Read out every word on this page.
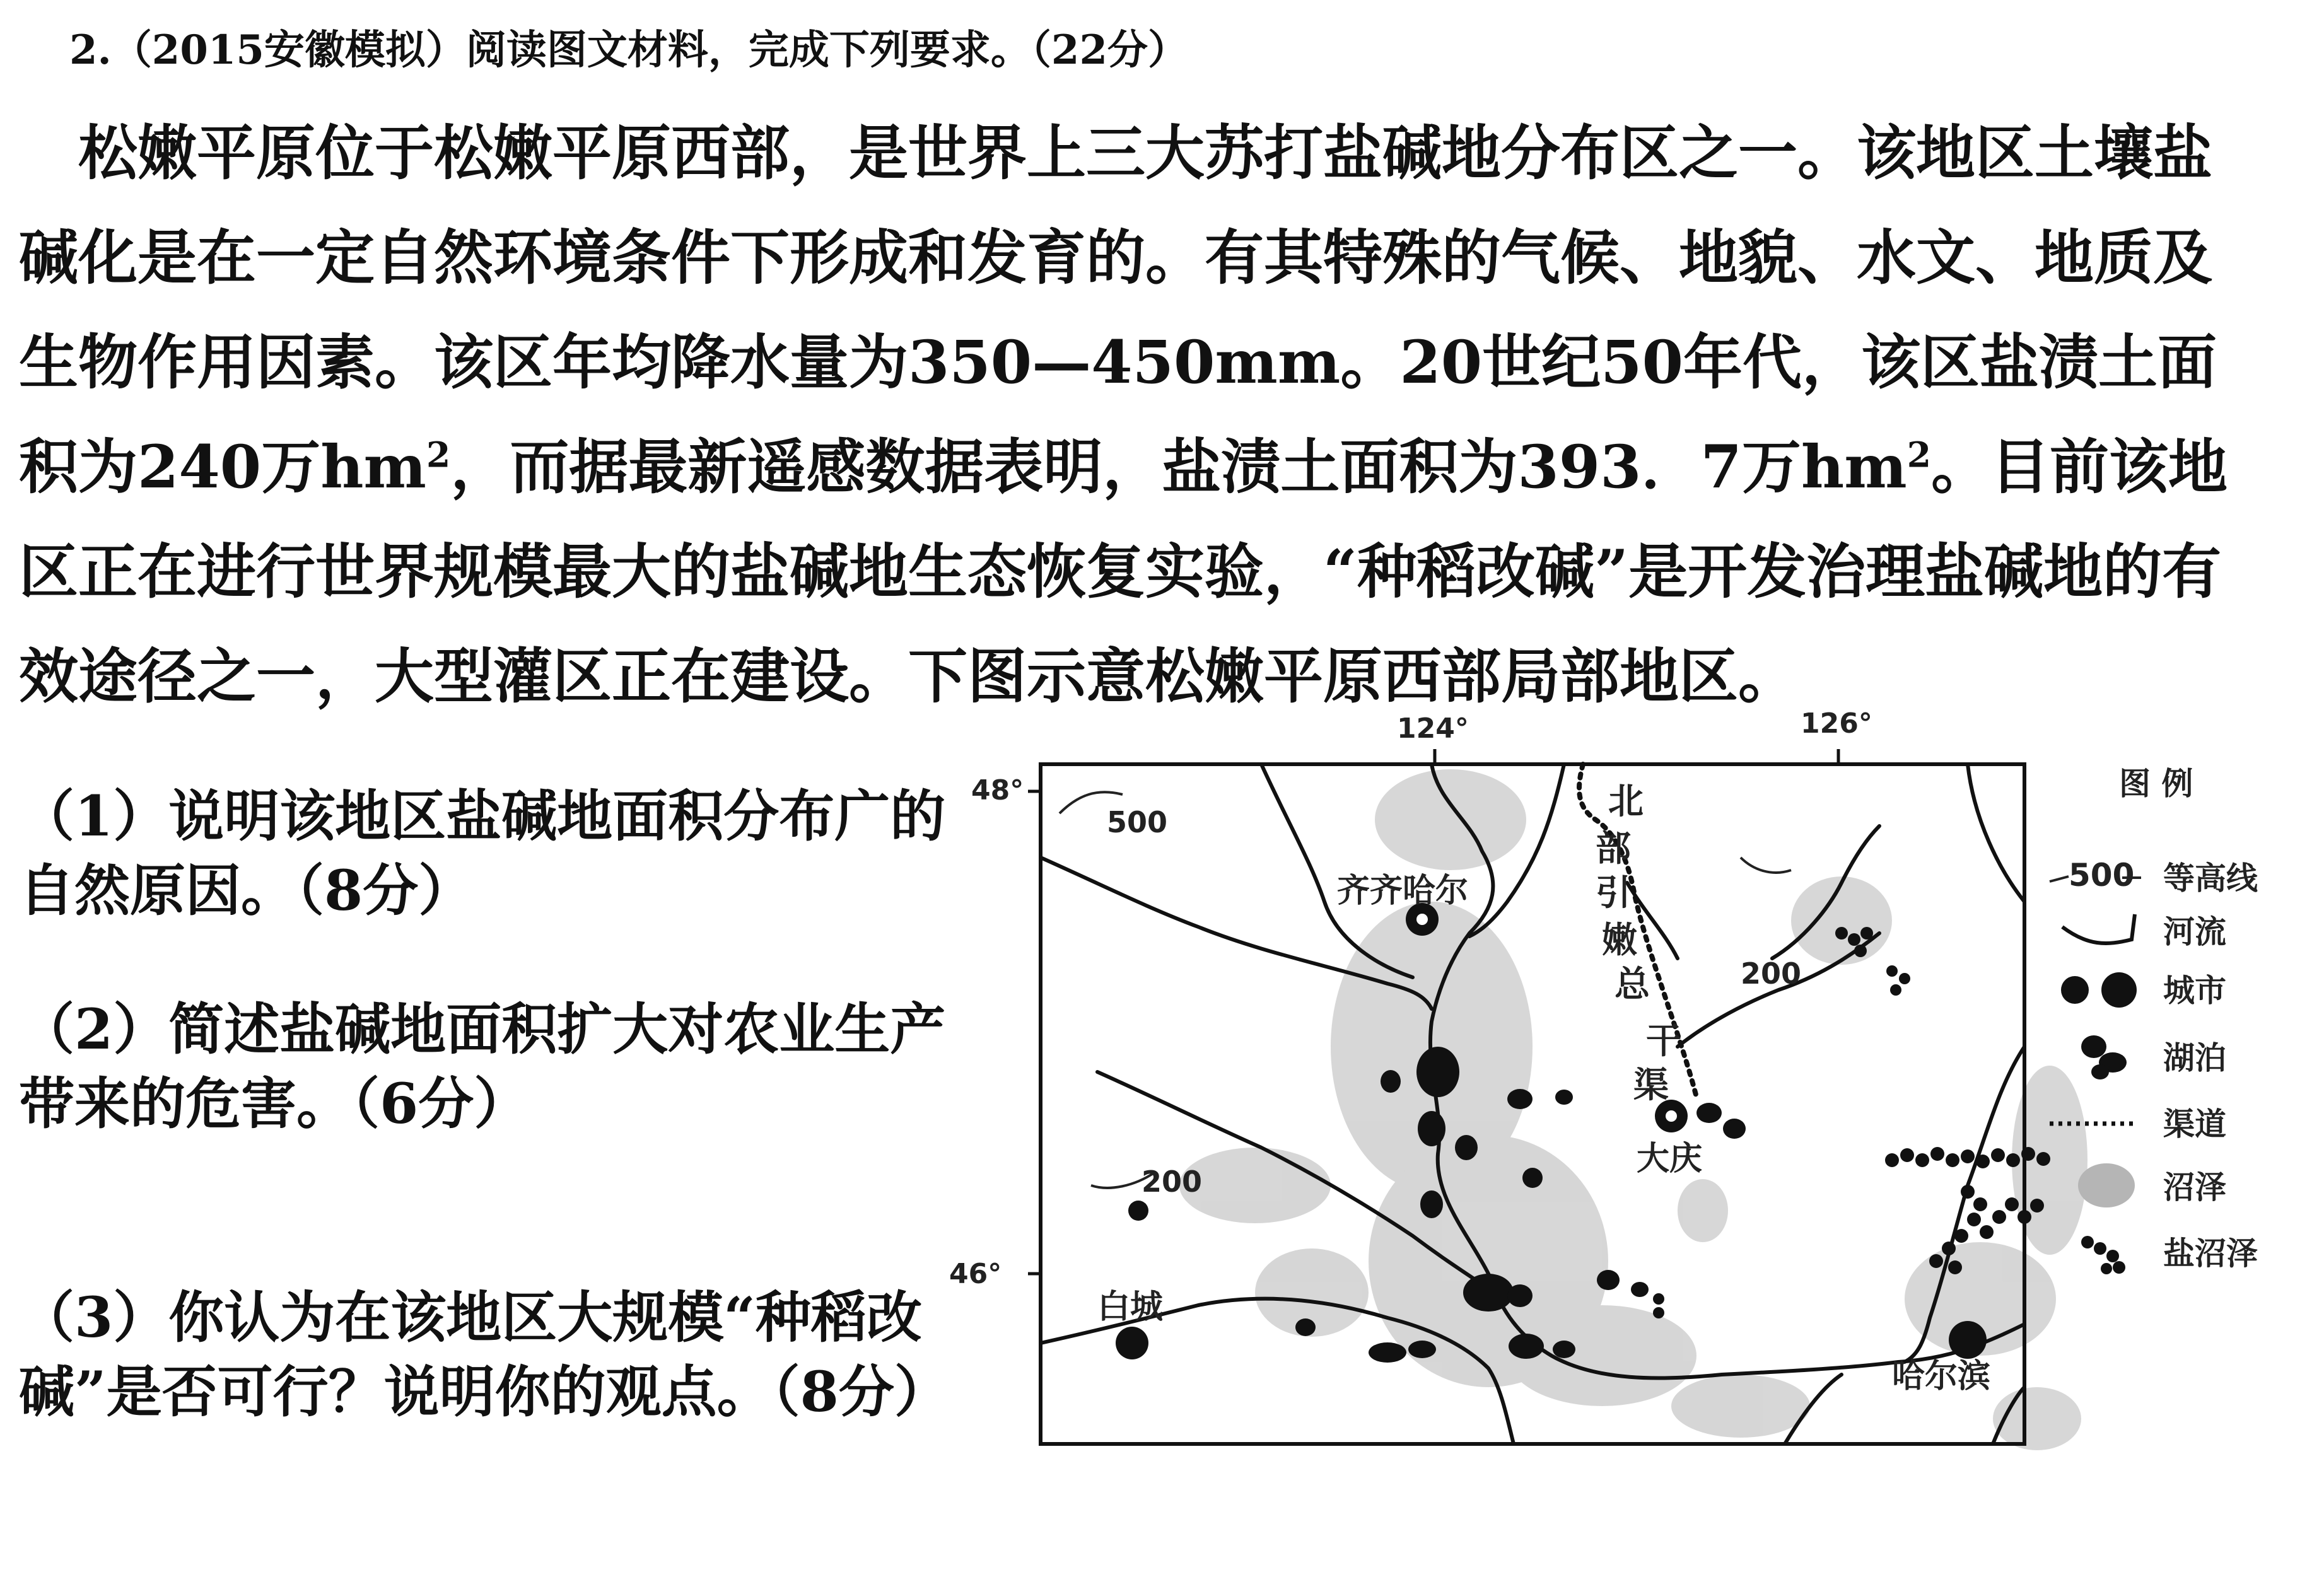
2.（2015安徽模拟）阅读图文材料，完成下列要求。（22分）
松嫩平原位于松嫩平原西部，是世界上三大苏打盐碱地分布区之一。该地区土壤盐碱化是在一定自然环境条件下形成和发育的。有其特殊的气候、地貌、水文、地质及生物作用因素。该区年均降水量为350—450mm。20世纪50年代，该区盐渍土面积为240万$hm^2$，而据最新遥感数据表明，盐渍土面积为393．7万$hm^2$。目前该地区正在进行世界规模最大的盐碱地生态恢复实验，“种稻改碱”是开发治理盐碱地的有效途径之一，大型灌区正在建设。下图示意松嫩平原西部局部地区。
（1）说明该地区盐碱地面积分布广的自然原因。（8分）
（2）简述盐碱地面积扩大对农业生产带来的危害。（6分）
（3）你认为在该地区大规模“种稻改碱”是否可行？说明你的观点。（8分）
124°	126°
48°
46°
500
200
200
齐齐哈尔
大庆
白城
哈尔滨
北
部
引
嫩
总
干
渠
图 例
500 等高线
河流
城市
湖泊
渠道
沼泽
盐沼泽
